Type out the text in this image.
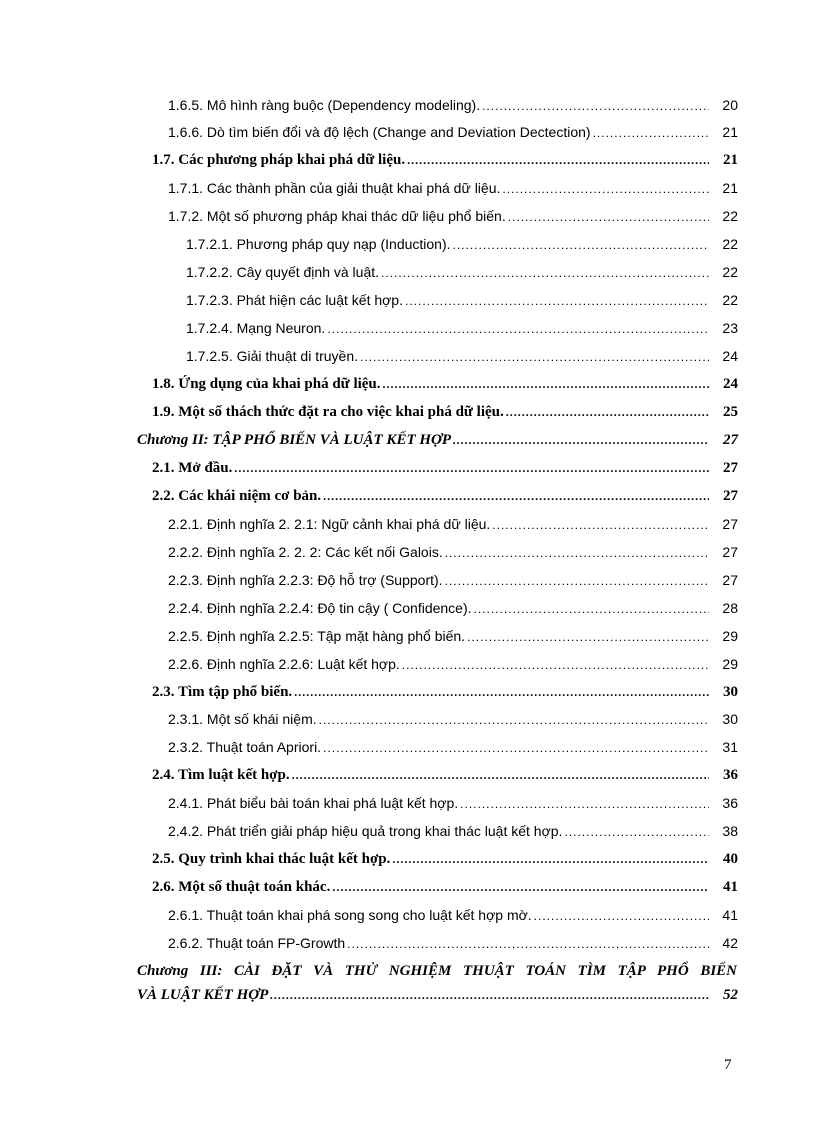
1.6.5. Mô hình ràng buộc (Dependency modeling). .....	20
1.6.6. Dò tìm biến đổi và độ lệch (Change and Deviation Dectection) .....	21
1.7. Các phương pháp khai phá dữ liệu. .....	21
1.7.1. Các thành phần của giải thuật khai phá dữ liệu. .....	21
1.7.2. Một số phương pháp khai thác dữ liệu phổ biến. .....	22
1.7.2.1. Phương pháp quy nạp (Induction). .....	22
1.7.2.2. Cây quyết định và luật. .....	22
1.7.2.3. Phát hiện các luật kết hợp. .....	22
1.7.2.4. Mạng Neuron. .....	23
1.7.2.5. Giải thuật di truyền. .....	24
1.8. Ứng dụng của khai phá dữ liệu. .....	24
1.9. Một số thách thức đặt ra cho việc khai phá dữ liệu. .....	25
Chương II: TẬP PHỔ BIẾN VÀ LUẬT KẾT HỢP .....	27
2.1. Mở đầu. .....	27
2.2. Các khái niệm cơ bản. .....	27
2.2.1. Định nghĩa 2. 2.1: Ngữ cảnh khai phá dữ liệu. .....	27
2.2.2. Định nghĩa 2. 2. 2: Các kết nối Galois. .....	27
2.2.3. Định nghĩa 2.2.3: Độ hỗ trợ (Support). .....	27
2.2.4. Định nghĩa 2.2.4: Độ tin cậy ( Confidence). .....	28
2.2.5. Định nghĩa 2.2.5: Tập mặt hàng phổ biến. .....	29
2.2.6. Định nghĩa 2.2.6: Luật kết hợp. .....	29
2.3. Tìm tập phổ biến. .....	30
2.3.1. Một số khái niệm. .....	30
2.3.2. Thuật toán Apriori. .....	31
2.4. Tìm luật kết hợp. .....	36
2.4.1. Phát biểu bài toán khai phá luật kết hợp. .....	36
2.4.2. Phát triển giải pháp hiệu quả trong khai thác luật kết hợp. .....	38
2.5. Quy trình khai thác luật kết hợp. .....	40
2.6. Một số thuật toán khác. .....	41
2.6.1. Thuật toán khai phá song song cho luật kết hợp mờ. .....	41
2.6.2. Thuật toán FP-Growth .....	42
Chương III: CÀI ĐẶT VÀ THỬ NGHIỆM THUẬT TOÁN TÌM TẬP PHỔ BIẾN
VÀ LUẬT KẾT HỢP .....	52
7
